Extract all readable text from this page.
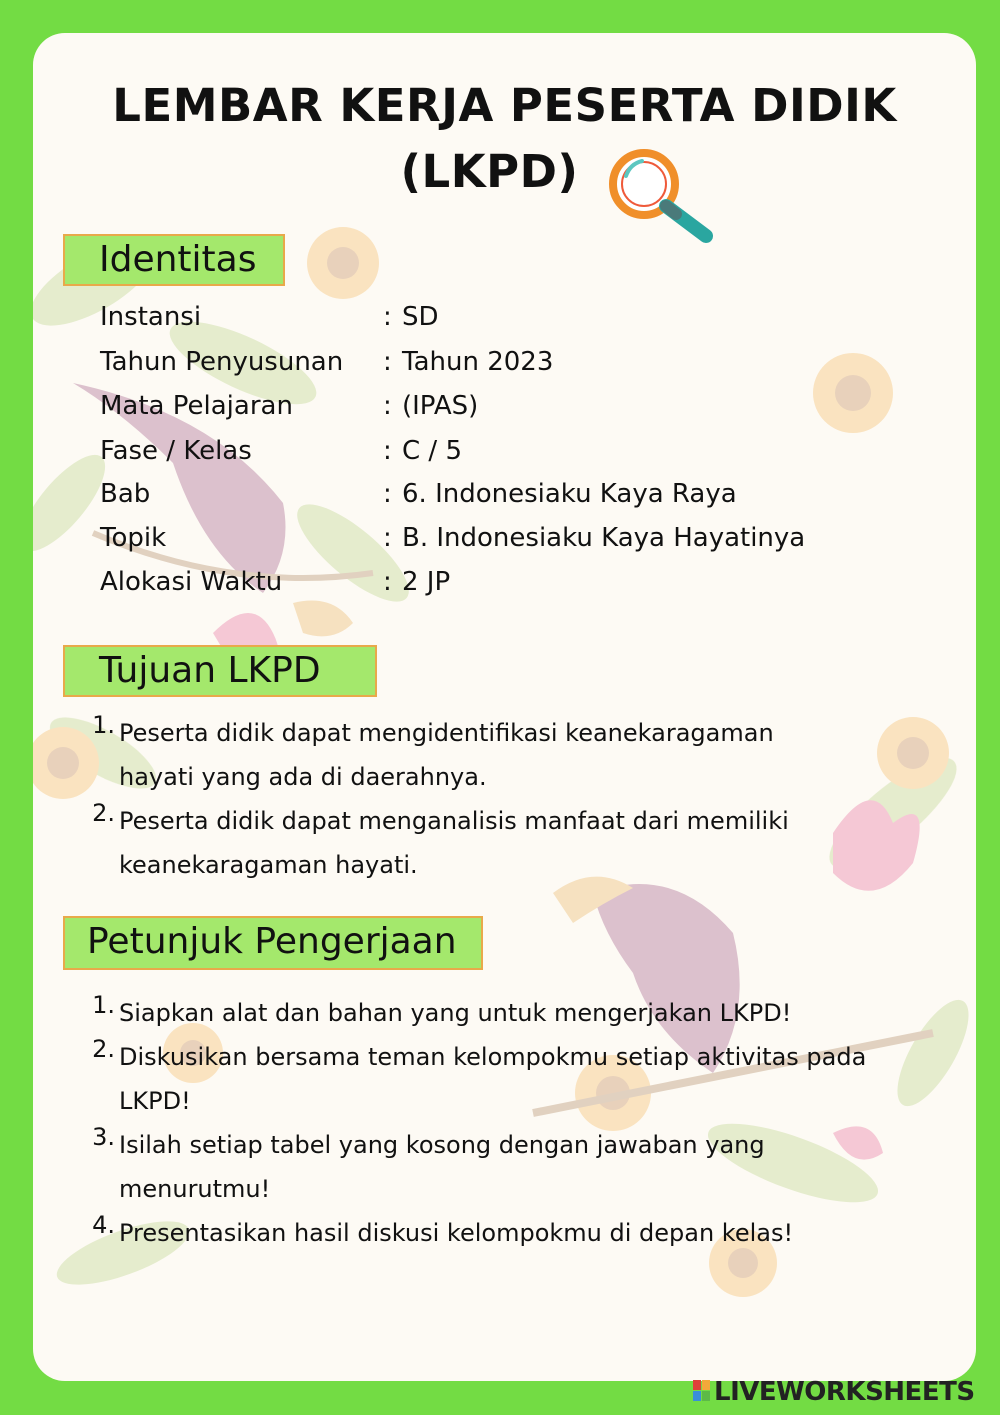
LEMBAR KERJA PESERTA DIDIK
(LKPD)
Identitas
Instansi	: SD
Tahun Penyusunan : Tahun 2023
Mata Pelajaran	: (IPAS)
Fase / Kelas	: C / 5
Bab	: 6. Indonesiaku Kaya Raya
Topik	: B. Indonesiaku Kaya Hayatinya
Alokasi Waktu	: 2 JP
Tujuan LKPD
1. Peserta didik dapat mengidentifikasi keanekaragaman
hayati yang ada di daerahnya.
2. Peserta didik dapat menganalisis manfaat dari memiliki
keanekaragaman hayati.
Petunjuk Pengerjaan
1. Siapkan alat dan bahan yang untuk mengerjakan LKPD!
2. Diskusikan bersama teman kelompokmu setiap aktivitas pada
LKPD!
3. Isilah setiap tabel yang kosong dengan jawaban yang
menurutmu!
4. Presentasikan hasil diskusi kelompokmu di depan kelas!
LIVEWORKSHEETS
